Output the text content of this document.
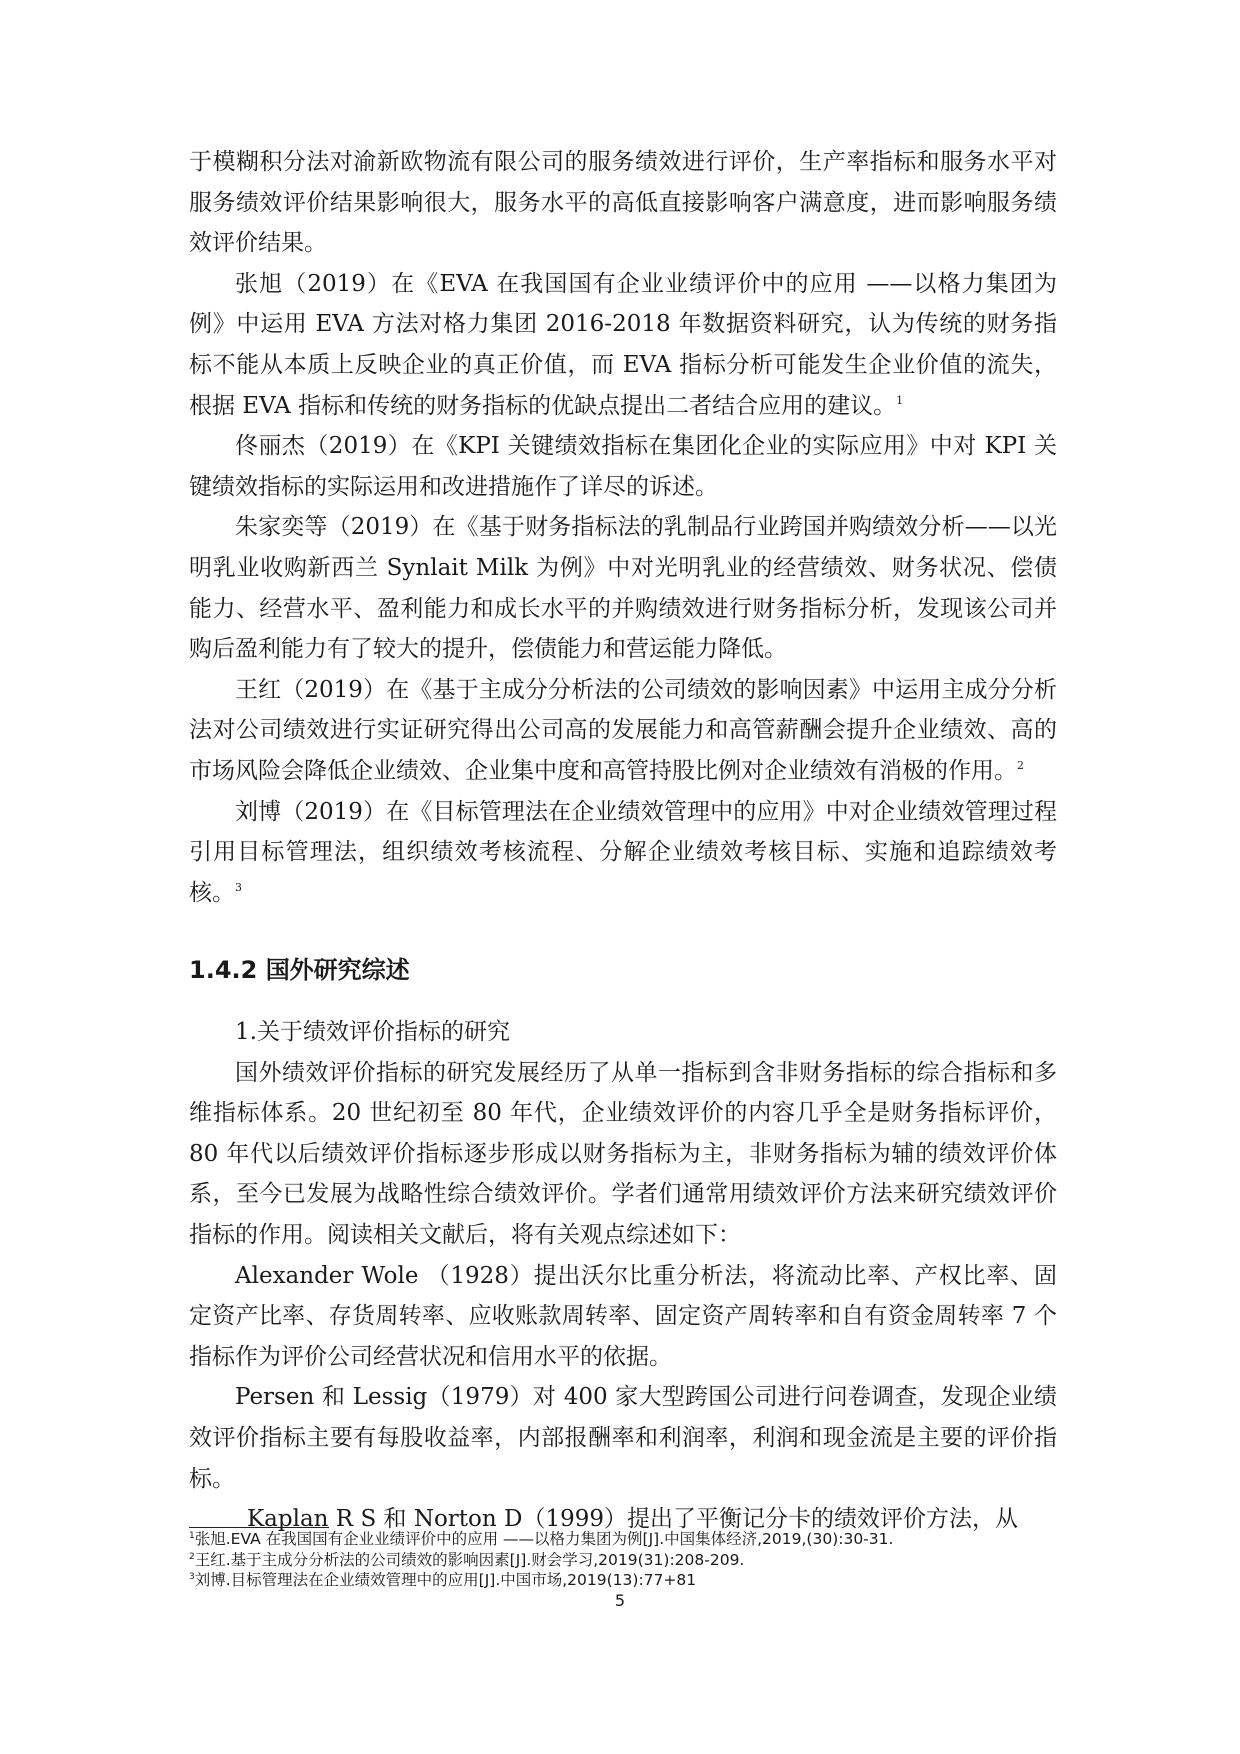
于模糊积分法对渝新欧物流有限公司的服务绩效进行评价，生产率指标和服务水平对服务绩效评价结果影响很大，服务水平的高低直接影响客户满意度，进而影响服务绩效评价结果。

张旭（2019）在《EVA 在我国国有企业业绩评价中的应用 ——以格力集团为例》中运用 EVA 方法对格力集团 2016-2018 年数据资料研究，认为传统的财务指标不能从本质上反映企业的真正价值，而 EVA 指标分析可能发生企业价值的流失，根据 EVA 指标和传统的财务指标的优缺点提出二者结合应用的建议。$^1$

佟丽杰（2019）在《KPI 关键绩效指标在集团化企业的实际应用》中对 KPI 关键绩效指标的实际运用和改进措施作了详尽的诉述。

朱家奕等（2019）在《基于财务指标法的乳制品行业跨国并购绩效分析——以光明乳业收购新西兰 Synlait Milk 为例》中对光明乳业的经营绩效、财务状况、偿债能力、经营水平、盈利能力和成长水平的并购绩效进行财务指标分析，发现该公司并购后盈利能力有了较大的提升，偿债能力和营运能力降低。

王红（2019）在《基于主成分分析法的公司绩效的影响因素》中运用主成分分析法对公司绩效进行实证研究得出公司高的发展能力和高管薪酬会提升企业绩效、高的市场风险会降低企业绩效、企业集中度和高管持股比例对企业绩效有消极的作用。$^2$

刘博（2019）在《目标管理法在企业绩效管理中的应用》中对企业绩效管理过程引用目标管理法，组织绩效考核流程、分解企业绩效考核目标、实施和追踪绩效考核。$^3$

1.4.2 国外研究综述

1.关于绩效评价指标的研究

国外绩效评价指标的研究发展经历了从单一指标到含非财务指标的综合指标和多维指标体系。20 世纪初至 80 年代，企业绩效评价的内容几乎全是财务指标评价，80 年代以后绩效评价指标逐步形成以财务指标为主，非财务指标为辅的绩效评价体系，至今已发展为战略性综合绩效评价。学者们通常用绩效评价方法来研究绩效评价指标的作用。阅读相关文献后，将有关观点综述如下：

Alexander Wole （1928）提出沃尔比重分析法，将流动比率、产权比率、固定资产比率、存货周转率、应收账款周转率、固定资产周转率和自有资金周转率 7 个指标作为评价公司经营状况和信用水平的依据。

Persen 和 Lessig（1979）对 400 家大型跨国公司进行问卷调查，发现企业绩效评价指标主要有每股收益率，内部报酬率和利润率，利润和现金流是主要的评价指标。

Kaplan R S 和 Norton D（1999）提出了平衡记分卡的绩效评价方法，从

$^1$张旭.EVA 在我国国有企业业绩评价中的应用 ——以格力集团为例[J].中国集体经济,2019,(30):30-31.
$^2$王红.基于主成分分析法的公司绩效的影响因素[J].财会学习,2019(31):208-209.
$^3$刘博.目标管理法在企业绩效管理中的应用[J].中国市场,2019(13):77+81
5
